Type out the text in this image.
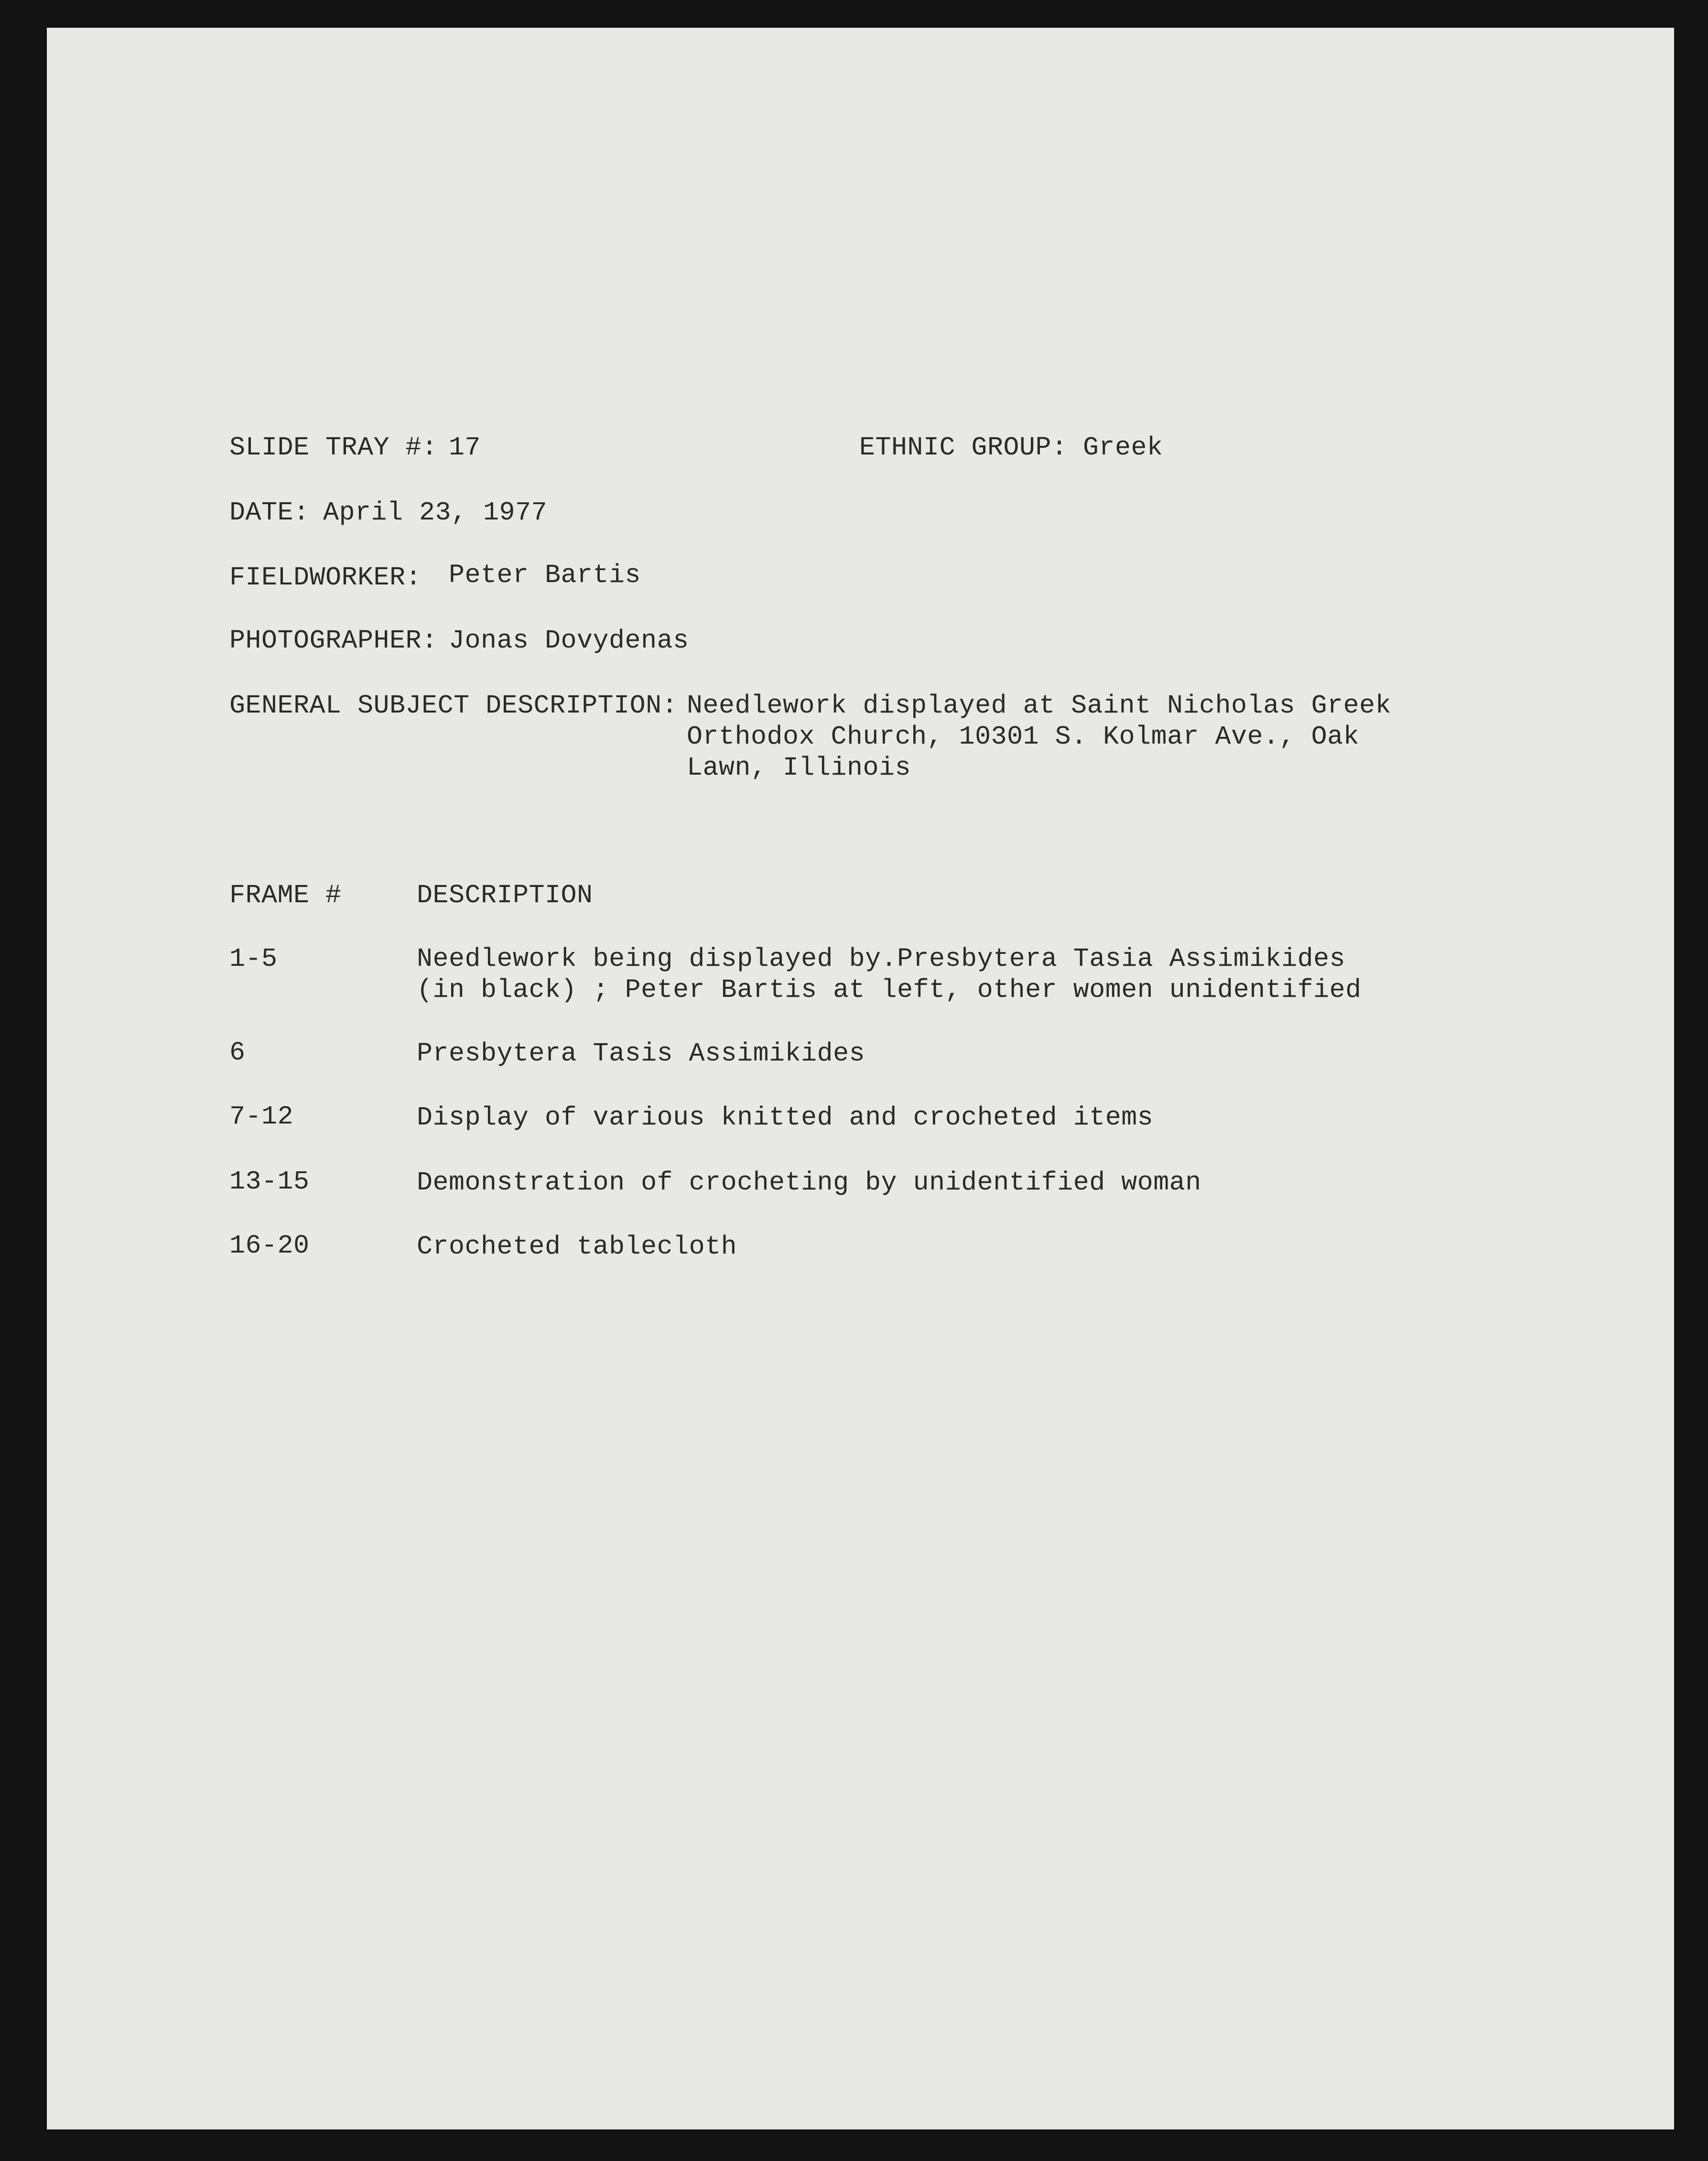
SLIDE TRAY #: 17	ETHNIC GROUP: Greek
DATE: April 23, 1977
FIELDWORKER: Peter Bartis
PHOTOGRAPHER: Jonas Dovydenas
GENERAL SUBJECT DESCRIPTION: Needlework displayed at Saint Nicholas Greek
Orthodox Church, 10301 S. Kolmar Ave., Oak
Lawn, Illinois
FRAME #	DESCRIPTION
1-5	Needlework being displayed by.Presbytera Tasia Assimikides
(in black) ; Peter Bartis at left, other women unidentified
6	Presbytera Tasis Assimikides
7-12	Display of various knitted and crocheted items
13-15	Demonstration of crocheting by unidentified woman
16-20	Crocheted tablecloth
